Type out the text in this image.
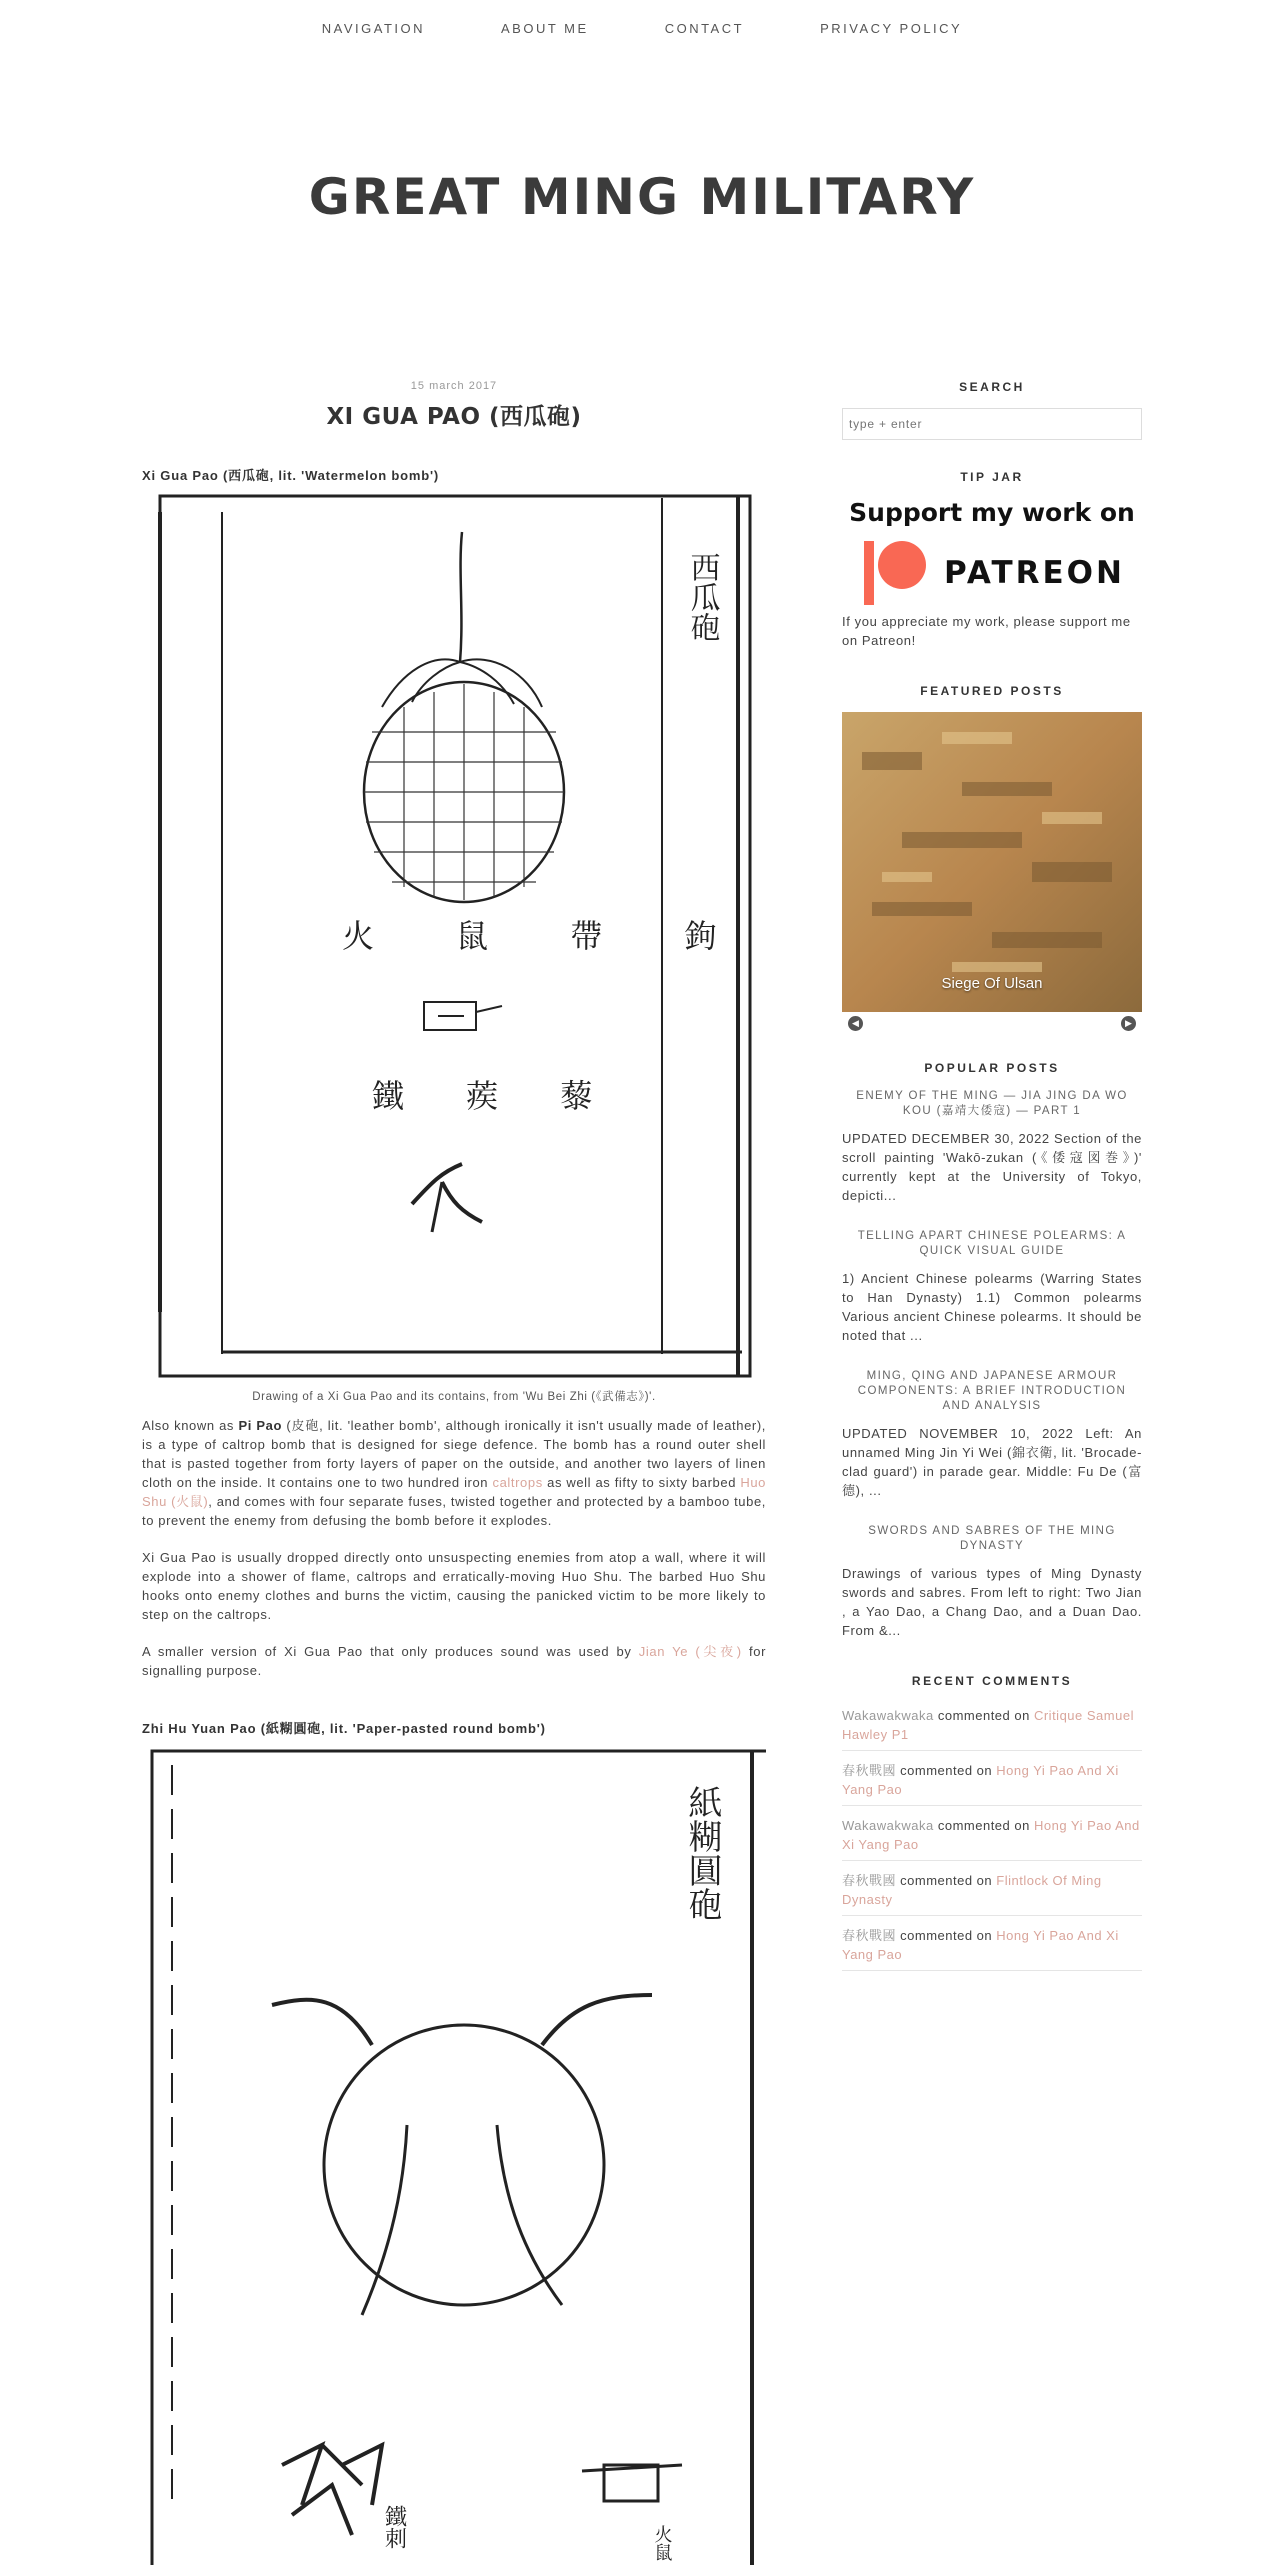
NAVIGATION	ABOUT ME	CONTACT	PRIVACY POLICY
GREAT MING MILITARY
15 march 2017
XI GUA PAO (西瓜砲)
Xi Gua Pao (西瓜砲, lit. 'Watermelon bomb')
西瓜砲
火 鼠 帶 鉤
鐵 蒺 藜
Drawing of a Xi Gua Pao and its contains, from 'Wu Bei Zhi (《武備志》)'.

Also known as Pi Pao (皮砲, lit. 'leather bomb', although ironically it isn't usually made of leather), is a type of caltrop bomb that is designed for siege defence. The bomb has a round outer shell that is pasted together from forty layers of paper on the outside, and another two layers of linen cloth on the inside. It contains one to two hundred iron caltrops as well as fifty to sixty barbed Huo Shu (火鼠), and comes with four separate fuses, twisted together and protected by a bamboo tube, to prevent the enemy from defusing the bomb before it explodes.

Xi Gua Pao is usually dropped directly onto unsuspecting enemies from atop a wall, where it will explode into a shower of flame, caltrops and erratically-moving Huo Shu. The barbed Huo Shu hooks onto enemy clothes and burns the victim, causing the panicked victim to be more likely to step on the caltrops.

A smaller version of Xi Gua Pao that only produces sound was used by Jian Ye (尖夜) for signalling purpose.

Zhi Hu Yuan Pao (紙糊圓砲, lit. 'Paper-pasted round bomb')
紙糊圓砲
鐵刺	火鼠
SEARCH
type + enter
TIP JAR
Support my work on
PATREON

If you appreciate my work, please support me on Patreon!

FEATURED POSTS
Siege Of Ulsan
◀	▶
POPULAR POSTS
ENEMY OF THE MING — JIA JING DA WO KOU (嘉靖大倭寇) — PART 1

UPDATED DECEMBER 30, 2022 Section of the scroll painting 'Wakō-zukan (《倭寇図巻》)' currently kept at the University of Tokyo, depicti...

TELLING APART CHINESE POLEARMS: A QUICK VISUAL GUIDE

1) Ancient Chinese polearms (Warring States to Han Dynasty) 1.1) Common polearms Various ancient Chinese polearms. It should be noted that ...

MING, QING AND JAPANESE ARMOUR COMPONENTS: A BRIEF INTRODUCTION AND ANALYSIS

UPDATED NOVEMBER 10, 2022 Left: An unnamed Ming Jin Yi Wei (錦衣衛, lit. 'Brocade-clad guard') in parade gear. Middle: Fu De (富德), ...

SWORDS AND SABRES OF THE MING DYNASTY

Drawings of various types of Ming Dynasty swords and sabres. From left to right: Two Jian , a Yao Dao, a Chang Dao, and a Duan Dao. From &...

RECENT COMMENTS
Wakawakwaka commented on Critique Samuel Hawley P1
春秋戰國 commented on Hong Yi Pao And Xi Yang Pao
Wakawakwaka commented on Hong Yi Pao And Xi Yang Pao
春秋戰國 commented on Flintlock Of Ming Dynasty
春秋戰國 commented on Hong Yi Pao And Xi Yang Pao
